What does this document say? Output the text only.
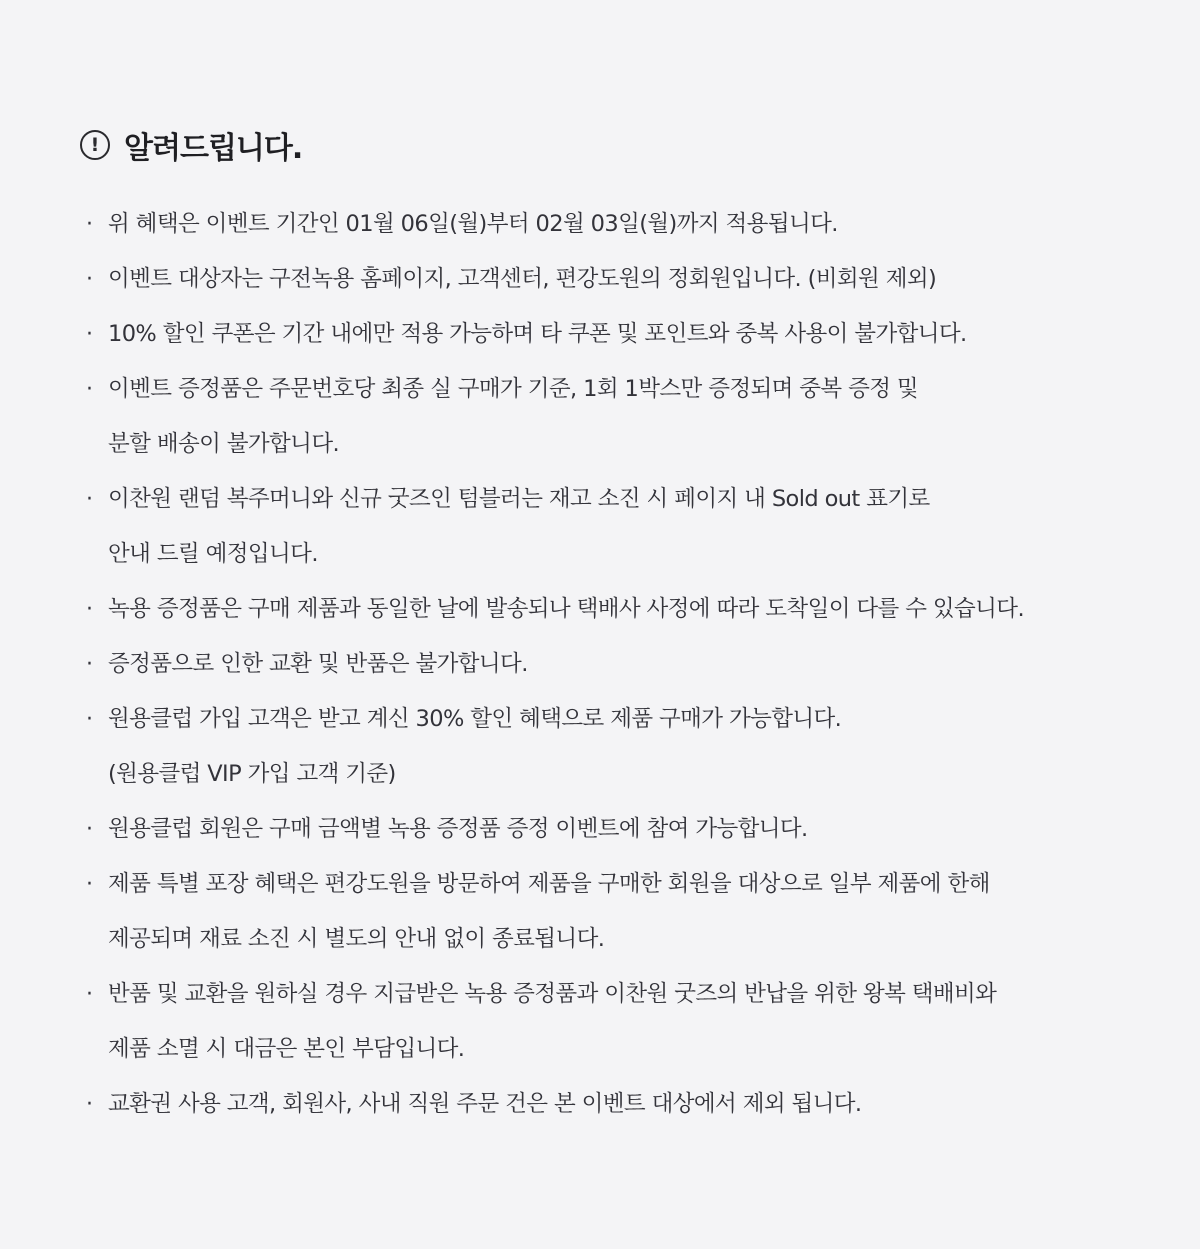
! 알려드립니다.
· 위 혜택은 이벤트 기간인 01월 06일(월)부터 02월 03일(월)까지 적용됩니다.
· 이벤트 대상자는 구전녹용 홈페이지, 고객센터, 편강도원의 정회원입니다. (비회원 제외)
· 10% 할인 쿠폰은 기간 내에만 적용 가능하며 타 쿠폰 및 포인트와 중복 사용이 불가합니다.
· 이벤트 증정품은 주문번호당 최종 실 구매가 기준, 1회 1박스만 증정되며 중복 증정 및
분할 배송이 불가합니다.
· 이찬원 랜덤 복주머니와 신규 굿즈인 텀블러는 재고 소진 시 페이지 내 Sold out 표기로
안내 드릴 예정입니다.
· 녹용 증정품은 구매 제품과 동일한 날에 발송되나 택배사 사정에 따라 도착일이 다를 수 있습니다.
· 증정품으로 인한 교환 및 반품은 불가합니다.
· 원용클럽 가입 고객은 받고 계신 30% 할인 혜택으로 제품 구매가 가능합니다.
(원용클럽 VIP 가입 고객 기준)
· 원용클럽 회원은 구매 금액별 녹용 증정품 증정 이벤트에 참여 가능합니다.
· 제품 특별 포장 혜택은 편강도원을 방문하여 제품을 구매한 회원을 대상으로 일부 제품에 한해
제공되며 재료 소진 시 별도의 안내 없이 종료됩니다.
· 반품 및 교환을 원하실 경우 지급받은 녹용 증정품과 이찬원 굿즈의 반납을 위한 왕복 택배비와
제품 소멸 시 대금은 본인 부담입니다.
· 교환권 사용 고객, 회원사, 사내 직원 주문 건은 본 이벤트 대상에서 제외 됩니다.
